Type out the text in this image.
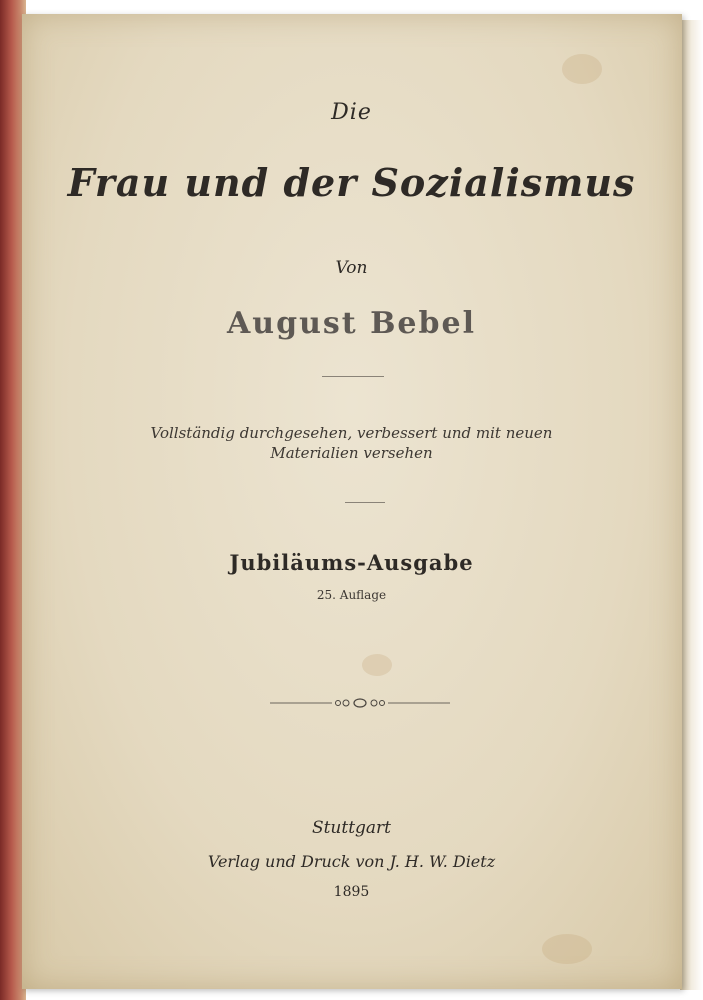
Die
Frau und der Sozialismus
Von
August Bebel
Vollständig durchgesehen, verbessert und mit neuen
Materialien versehen
Jubiläums-Ausgabe
25. Auflage
Stuttgart
Verlag und Druck von J. H. W. Dietz
1895
